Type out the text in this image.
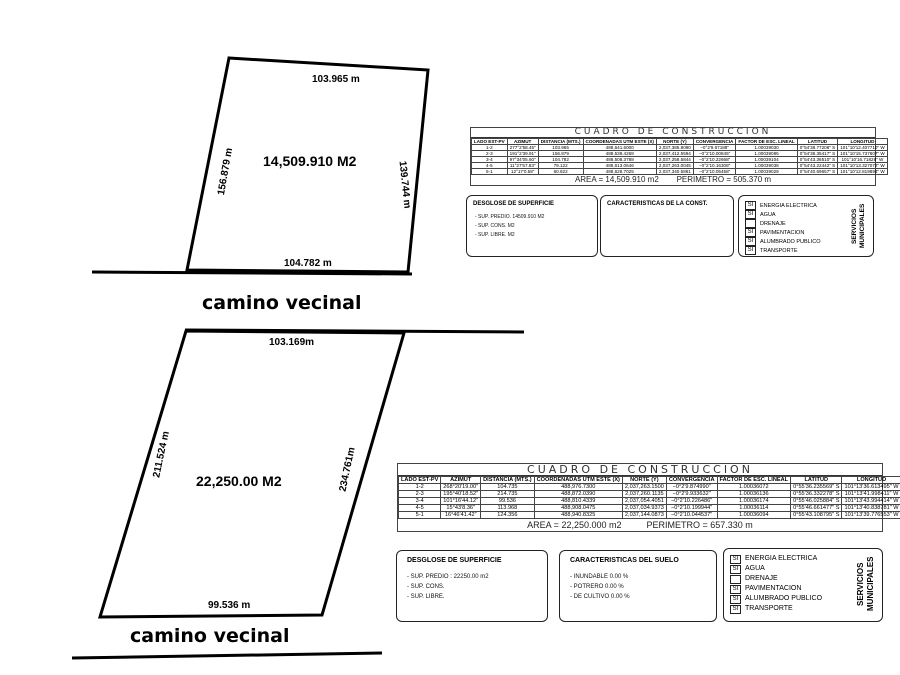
103.965 m
156.879 m	139.744 m
104.782 m
14,509.910 M2
camino vecinal
103.169m
211.524 m	234.761m
99.536 m
22,250.00 M2
camino vecinal
CUADRO DE CONSTRUCCION
LADO EST-PV	AZIMUT	DISTANCIA (MTS.)	COORDENADAS UTM ESTE (X)	NORTE (Y)	CONVERGENCIA	FACTOR DE ESC. LINEAL	LATITUD	LONGITUD
1-2	277°2'58.45"	103.965	488,641.6000	2,037,385.8090	−0°2'9.67188"	1.00039030	0°54'38.77208" S	101°10'12.407710" W
2-3	191°2'39.91"	156.879	488,538.4268	2,037,412.5594	−0°2'10.00845"	1.00039085	0°54'38.35417" S	101°10'15.737607" W
3-4	97°34'05.60"	104.782	488,508.3788	2,037,258.5844	−0°2'10.22668"	1.00039104	0°54'43.36510" S	101°10'16.71828" W
4-5	11°27'57.83"	79.122	488,613.0646	2,037,263.0045	−0°2'10.16308"	1.00039038	0°54'43.22442" S	101°10'13.327072" W
5-1	12°17'0.58"	60.622	488,628.7025	2,037,340.5861	−0°2'10.05458"	1.00039029	0°54'40.69657" S	101°10'12.819894" W
AREA = 14,509.910 m2 PERIMETRO = 505.370 m
DESGLOSE DE SUPERFICIE
- SUP. PREDIO. 14509.910 M2
- SUP. CONS. M2
- SUP. LIBRE. M2
CARACTERISTICAS DE LA CONST.	SI	ENERGIA ELECTRICA
SI	AGUA
DRENAJE
SI	PAVIMENTACION
SI	ALUMBRADO PUBLICO
SI	TRANSPORTE
SERVICIOS MUNICIPALES
CUADRO DE CONSTRUCCION
LADO EST-PV	AZIMUT	DISTANCIA (MTS.)	COORDENADAS UTM ESTE (X)	NORTE (Y)	CONVERGENCIA	FACTOR DE ESC. LINEAL	LATITUD	LONGITUD
1-2	268°20'19.00"	104.735	488,976.7300	2,037,263.1500	−0°2'9.874990"	1.00036072	0°55'36.235569" S	101°13'36.613495" W
2-3	195°40'18.52"	214.735	488,872.0390	2,037,260.1135	−0°2'9.933632"	1.00036136	0°55'36.332278" S	101°13'41.998411" W
3-4	101°16'44.12"	99.536	488,810.4339	2,037,054.4051	−0°2'10.226486"	1.00036174	0°55'46.025884" S	101°13'43.994414" W
4-5	15°43'8.36"	113.968	488,908.0475	2,037,034.9373	−0°2'10.199944"	1.00036114	0°55'46.661477" S	101°13'40.838781" W
5-1	16°46'41.42"	124.356	488,940.8325	2,037,144.0873	−0°2'10.044537"	1.00036094	0°55'43.108795" S	101°13'39.776553" W
AREA = 22,250.000 m2	PERIMETRO = 657.330 m
DESGLOSE DE SUPERFICIE
- SUP. PREDIO : 22250.00 m2
- SUP. CONS.
- SUP. LIBRE.
CARACTERISTICAS DEL SUELO
- INUNDABLE 0.00 %
- POTRERO 0.00 %
- DE CULTIVO 0.00 %
SI ENERGIA ELECTRICA
SI AGUA
DRENAJE
SI PAVIMENTACION
SI ALUMBRADO PUBLICO
SI TRANSPORTE
SERVICIOS MUNICIPALES
